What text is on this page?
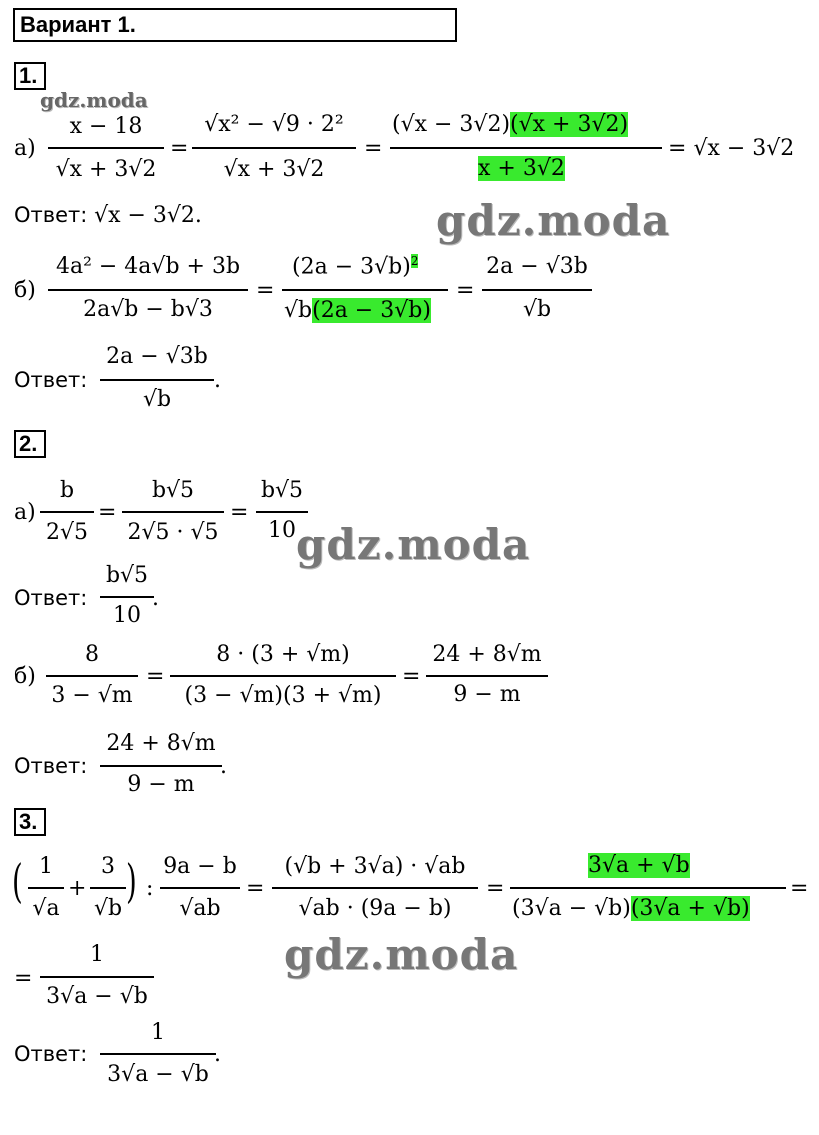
Вариант 1.
1.
gdz.moda
а)
x − 18
√x + 3√2
=
√x² − √9 · 2²
√x + 3√2
=
(√x − 3√2)(√x + 3√2)
x + 3√2
= √x − 3√2
Ответ: √x − 3√2.	gdz.moda
б)
4a² − 4a√b + 3b
2a√b − b√3
=
$(2a - 3√b)^2$
√b(2a − 3√b)
=
2a − √3b
√b
Ответ:
2a − √3b
√b
.
2.
а)
b
2√5
=
b√5
2√5 · √5
=
b√5
10 gdz.moda
Ответ:
b√5
10
.
б)
8
3 − √m
=
8 · (3 + √m)
(3 − √m)(3 + √m)
=
24 + 8√m
9 − m
Ответ:
24 + 8√m
9 − m
.
3.
( 1
√a
+
3
√b
) :
9a − b
√ab
=
(√b + 3√a) · √ab
√ab · (9a − b)
=
3√a + √b
(3√a − √b)(3√a + √b)
=
=
1
3√a − √b
gdz.moda
Ответ:
1
3√a − √b
.
